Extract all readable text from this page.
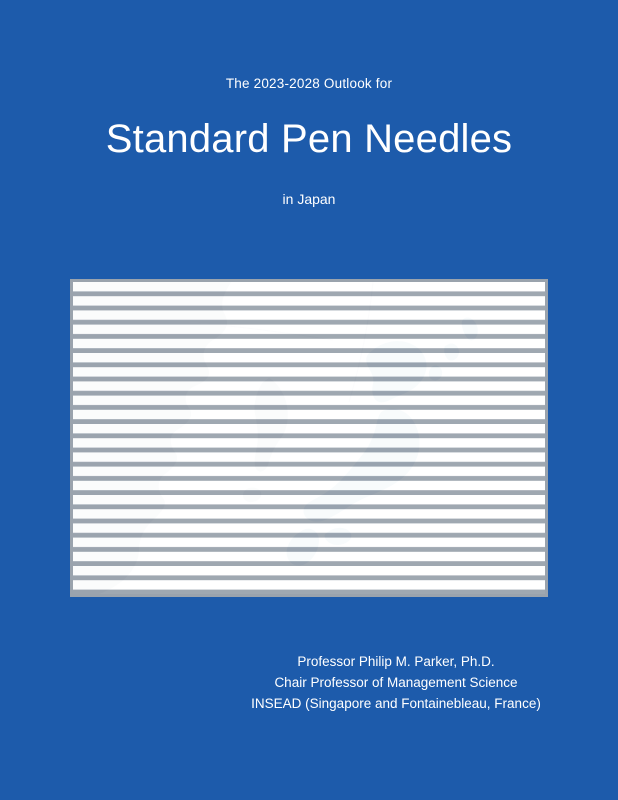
The 2023-2028 Outlook for
Standard Pen Needles
in Japan
Professor Philip M. Parker, Ph.D.
Chair Professor of Management Science
INSEAD (Singapore and Fontainebleau, France)
